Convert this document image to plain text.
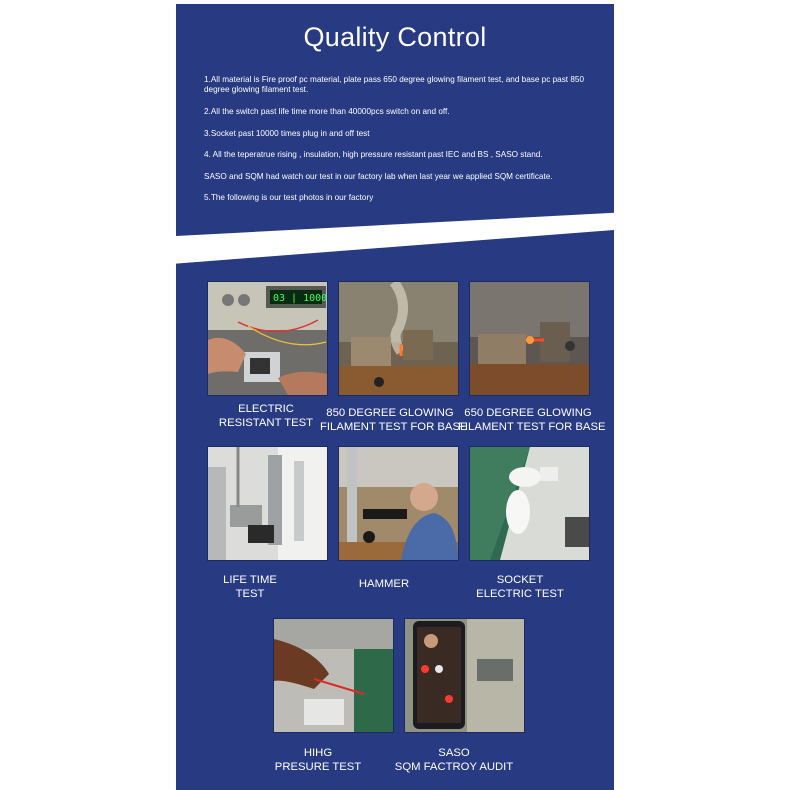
Quality Control
1.All material is Fire proof pc material, plate pass 650 degree glowing filament test, and base pc past 850 degree glowing filament test.
2.All the switch past life time more than 40000pcs switch on and off.
3.Socket past 10000 times plug in and off test
4. All the teperatrue rising , insulation, high pressure resistant past IEC and BS , SASO stand.
SASO and SQM had watch our test in our factory lab when last year we applied SQM certificate.
5.The following is our test photos in our factory
03 | 1000
ELECTRIC
RESISTANT TEST
850 DEGREE GLOWING
FILAMENT TEST FOR BASE
650 DEGREE GLOWING
FILAMENT TEST FOR BASE
LIFE TIME
TEST
HAMMER	SOCKET
ELECTRIC TEST
HIHG
PRESURE TEST
SASO
SQM FACTROY AUDIT
